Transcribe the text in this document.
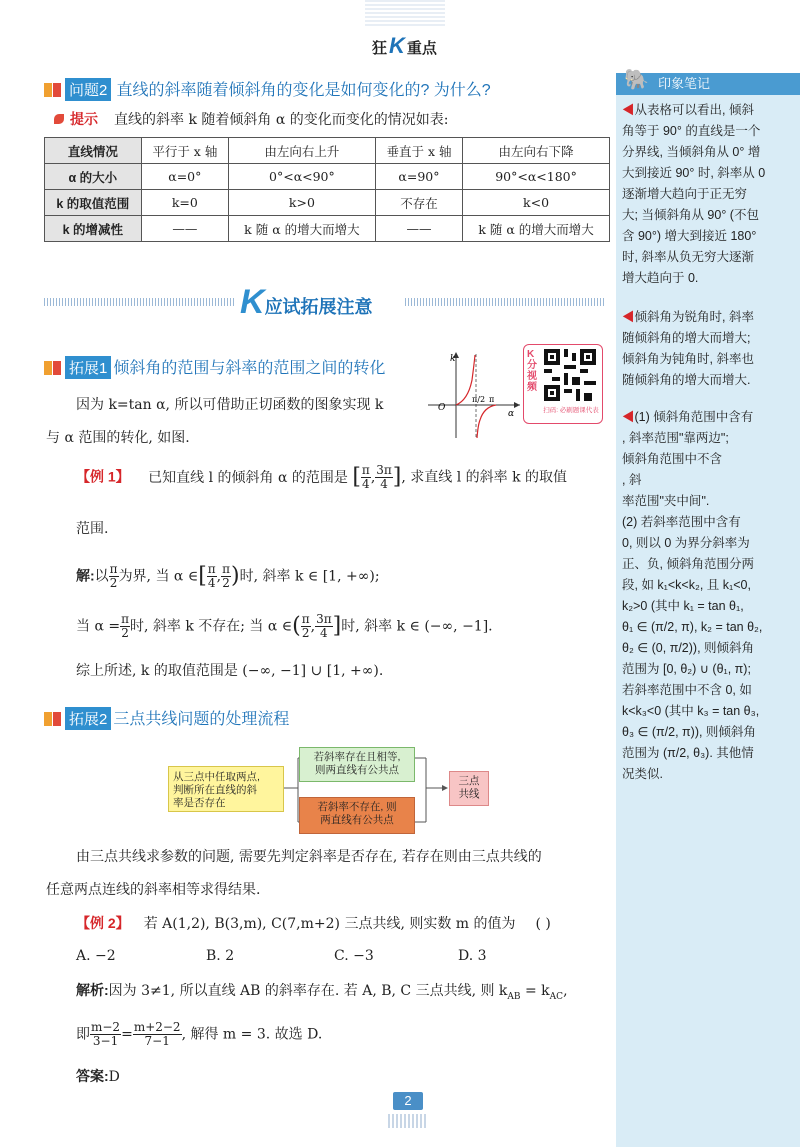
狂K 重点
问题2 直线的斜率随着倾斜角的变化是如何变化的? 为什么?
提示 直线的斜率 k 随着倾斜角 α 的变化而变化的情况如表:
直线情况	平行于 x 轴	由左向右上升	垂直于 x 轴	由左向右下降
α 的大小	α=0°	0°<α<90°	α=90°	90°<α<180°
k 的取值范围	k=0	k>0	不存在	k<0
k 的增减性	——	k 随 α 的增大而增大	——	k 随 α 的增大而增大
K应试拓展注意
拓展1 倾斜角的范围与斜率的范围之间的转化
因为 k=tan α, 所以可借助正切函数的图象实现 k
与 α 范围的转化, 如图.
k
O
π/2 π
α
K分视频
扫码: 必刷题课代表
【例 1】 已知直线 l 的倾斜角 α 的范围是 [ $\frac{\pi}{4}$ , $\frac{3\pi}{4}$ ], 求直线 l 的斜率 k 的取值
范围.
解:以 $\frac{\pi}{2}$ 为界, 当 α ∈[ $\frac{\pi}{4}$ , $\frac{\pi}{2}$ )时, 斜率 k ∈ [1, +∞);
当 $\alpha = \frac{\pi}{2}$ 时, 斜率 k 不存在; 当 α ∈( $\frac{\pi}{2}$ , $\frac{3\pi}{4}$ ]时, 斜率 k ∈ (−∞, −1].
综上所述, k 的取值范围是 (−∞, −1] ∪ [1, +∞).
拓展2 三点共线问题的处理流程
从三点中任取两点,
判断所在直线的斜
率是否存在
若斜率存在且相等,
则两直线有公共点
若斜率不存在, 则
两直线有公共点
三点
共线
由三点共线求参数的问题, 需要先判定斜率是否存在, 若存在则由三点共线的
任意两点连线的斜率相等求得结果.
【例 2】 若 A(1,2), B(3,m), C(7,m+2) 三点共线, 则实数 m 的值为 ( )
A. −2	B. 2	C. −3	D. 3
解析:因为 3≠1, 所以直线 AB 的斜率存在. 若 A, B, C 三点共线, 则 $k_{AB} = k_{AC}$,
即 $\frac{m-2}{3-1} = \frac{m+2-2}{7-1}$ , 解得 m = 3. 故选 D.
答案:D
2
🐘 印象笔记
◀从表格可以看出, 倾斜
角等于 90° 的直线是一个
分界线, 当倾斜角从 0° 增
大到接近 90° 时, 斜率从 0
逐渐增大趋向于正无穷
大; 当倾斜角从 90° (不包
含 90°) 增大到接近 180°
时, 斜率从负无穷大逐渐
增大趋向于 0.
◀倾斜角为锐角时, 斜率
随倾斜角的增大而增大;
倾斜角为钝角时, 斜率也
随倾斜角的增大而增大.
◀(1) 倾斜角范围中含有
, 斜率范围"靠两边";
倾斜角范围中不含
, 斜
率范围"夹中间".
(2) 若斜率范围中含有
0, 则以 0 为界分斜率为
正、负, 倾斜角范围分两
段, 如 k₁<k<k₂, 且 k₁<0,
k₂>0 (其中 k₁ = tan θ₁,
θ₁ ∈ (π/2, π), k₂ = tan θ₂,
θ₂ ∈ (0, π/2)), 则倾斜角
范围为 [0, θ₂) ∪ (θ₁, π);
若斜率范围中不含 0, 如
k<k₃<0 (其中 k₃ = tan θ₃,
θ₃ ∈ (π/2, π)), 则倾斜角
范围为 (π/2, θ₃). 其他情
况类似.
